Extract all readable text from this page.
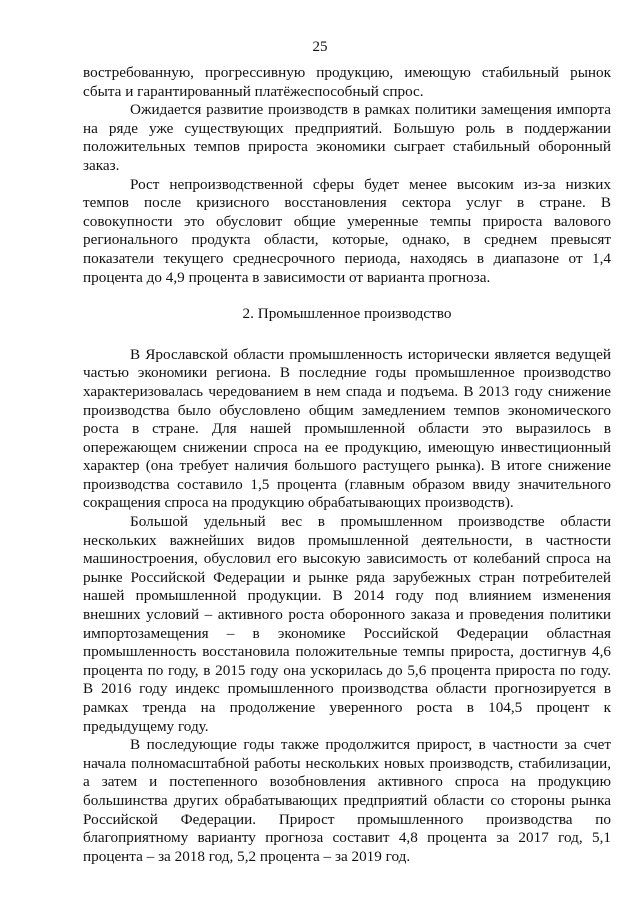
25

востребованную, прогрессивную продукцию, имеющую стабильный рынок сбыта и гарантированный платёжеспособный спрос.

Ожидается развитие производств в рамках политики замещения импорта на ряде уже существующих предприятий. Большую роль в поддержании положительных темпов прироста экономики сыграет стабильный оборонный заказ.

Рост непроизводственной сферы будет менее высоким из-за низких темпов после кризисного восстановления сектора услуг в стране. В совокупности это обусловит общие умеренные темпы прироста валового регионального продукта области, которые, однако, в среднем превысят показатели текущего среднесрочного периода, находясь в диапазоне от 1,4 процента до 4,9 процента в зависимости от варианта прогноза.

2. Промышленное производство

В Ярославской области промышленность исторически является ведущей частью экономики региона. В последние годы промышленное производство характеризовалась чередованием в нем спада и подъема. В 2013 году снижение производства было обусловлено общим замедлением темпов экономического роста в стране. Для нашей промышленной области это выразилось в опережающем снижении спроса на ее продукцию, имеющую инвестиционный характер (она требует наличия большого растущего рынка). В итоге снижение производства составило 1,5 процента (главным образом ввиду значительного сокращения спроса на продукцию обрабатывающих производств).

Большой удельный вес в промышленном производстве области нескольких важнейших видов промышленной деятельности, в частности машиностроения, обусловил его высокую зависимость от колебаний спроса на рынке Российской Федерации и рынке ряда зарубежных стран потребителей нашей промышленной продукции. В 2014 году под влиянием изменения внешних условий – активного роста оборонного заказа и проведения политики импортозамещения – в экономике Российской Федерации областная промышленность восстановила положительные темпы прироста, достигнув 4,6 процента по году, в 2015 году она ускорилась до 5,6 процента прироста по году. В 2016 году индекс промышленного производства области прогнозируется в рамках тренда на продолжение уверенного роста в 104,5 процент к предыдущему году.

В последующие годы также продолжится прирост, в частности за счет начала полномасштабной работы нескольких новых производств, стабилизации, а затем и постепенного возобновления активного спроса на продукцию большинства других обрабатывающих предприятий области со стороны рынка Российской Федерации. Прирост промышленного производства по благоприятному варианту прогноза составит 4,8 процента за 2017 год, 5,1 процента – за 2018 год, 5,2 процента – за 2019 год.
